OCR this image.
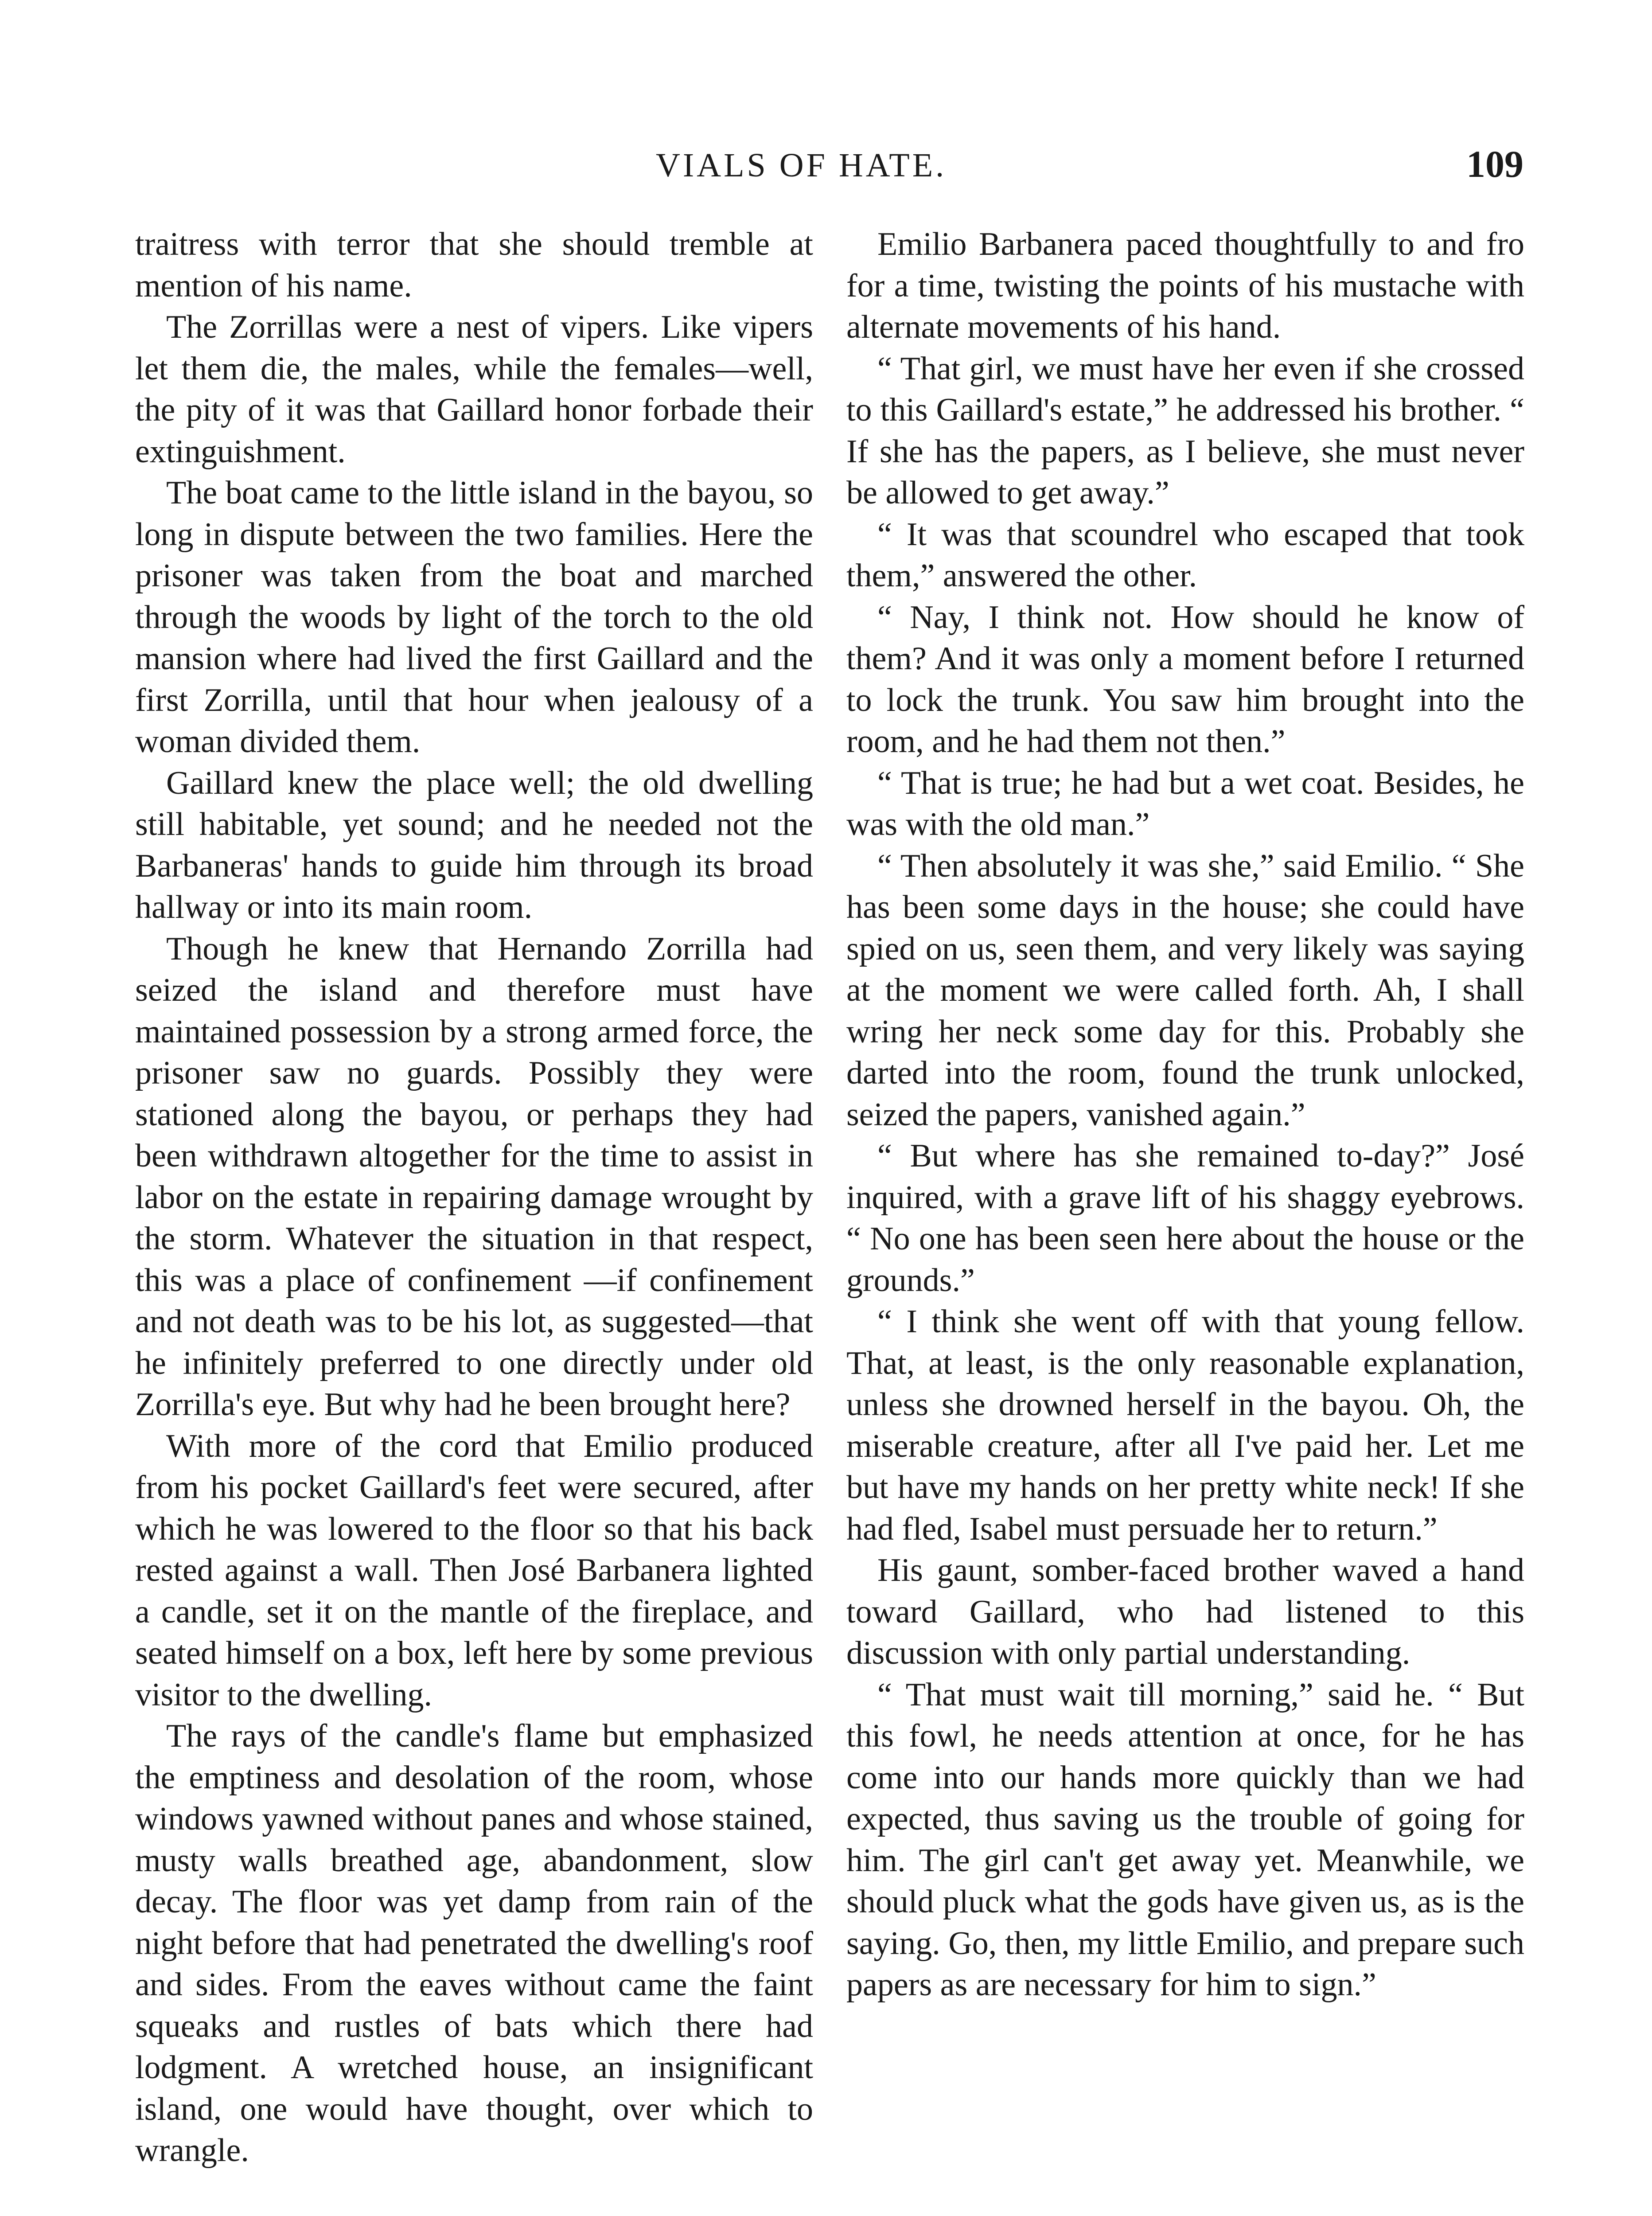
VIALS OF HATE.	109

traitress with terror that she should tremble at mention of his name.

The Zorrillas were a nest of vipers. Like vipers let them die, the males, while the females—well, the pity of it was that Gaillard honor forbade their extinguishment.

The boat came to the little island in the bayou, so long in dispute between the two families. Here the prisoner was taken from the boat and marched through the woods by light of the torch to the old mansion where had lived the first Gaillard and the first Zorrilla, until that hour when jealousy of a woman divided them.

Gaillard knew the place well; the old dwelling still habitable, yet sound; and he needed not the Barbaneras' hands to guide him through its broad hallway or into its main room.

Though he knew that Hernando Zorrilla had seized the island and therefore must have maintained possession by a strong armed force, the prisoner saw no guards. Possibly they were stationed along the bayou, or perhaps they had been withdrawn altogether for the time to assist in labor on the estate in repairing damage wrought by the storm. Whatever the situation in that respect, this was a place of confinement —if confinement and not death was to be his lot, as suggested—that he infinitely preferred to one directly under old Zorrilla's eye. But why had he been brought here?

With more of the cord that Emilio produced from his pocket Gaillard's feet were secured, after which he was lowered to the floor so that his back rested against a wall. Then José Barbanera lighted a candle, set it on the mantle of the fireplace, and seated himself on a box, left here by some previous visitor to the dwelling.

The rays of the candle's flame but emphasized the emptiness and desolation of the room, whose windows yawned without panes and whose stained, musty walls breathed age, abandonment, slow decay. The floor was yet damp from rain of the night before that had penetrated the dwelling's roof and sides. From the eaves without came the faint squeaks and rustles of bats which there had lodgment. A wretched house, an insignificant island, one would have thought, over which to wrangle.

Emilio Barbanera paced thoughtfully to and fro for a time, twisting the points of his mustache with alternate movements of his hand.

“ That girl, we must have her even if she crossed to this Gaillard's estate,” he addressed his brother. “ If she has the papers, as I believe, she must never be allowed to get away.”

“ It was that scoundrel who escaped that took them,” answered the other.

“ Nay, I think not. How should he know of them? And it was only a moment before I returned to lock the trunk. You saw him brought into the room, and he had them not then.”

“ That is true; he had but a wet coat. Besides, he was with the old man.”

“ Then absolutely it was she,” said Emilio. “ She has been some days in the house; she could have spied on us, seen them, and very likely was saying at the moment we were called forth. Ah, I shall wring her neck some day for this. Probably she darted into the room, found the trunk unlocked, seized the papers, vanished again.”

“ But where has she remained to-day?” José inquired, with a grave lift of his shaggy eyebrows. “ No one has been seen here about the house or the grounds.”

“ I think she went off with that young fellow. That, at least, is the only reasonable explanation, unless she drowned herself in the bayou. Oh, the miserable creature, after all I've paid her. Let me but have my hands on her pretty white neck! If she had fled, Isabel must persuade her to return.”

His gaunt, somber-faced brother waved a hand toward Gaillard, who had listened to this discussion with only partial understanding.

“ That must wait till morning,” said he. “ But this fowl, he needs attention at once, for he has come into our hands more quickly than we had expected, thus saving us the trouble of going for him. The girl can't get away yet. Meanwhile, we should pluck what the gods have given us, as is the saying. Go, then, my little Emilio, and prepare such papers as are necessary for him to sign.”
